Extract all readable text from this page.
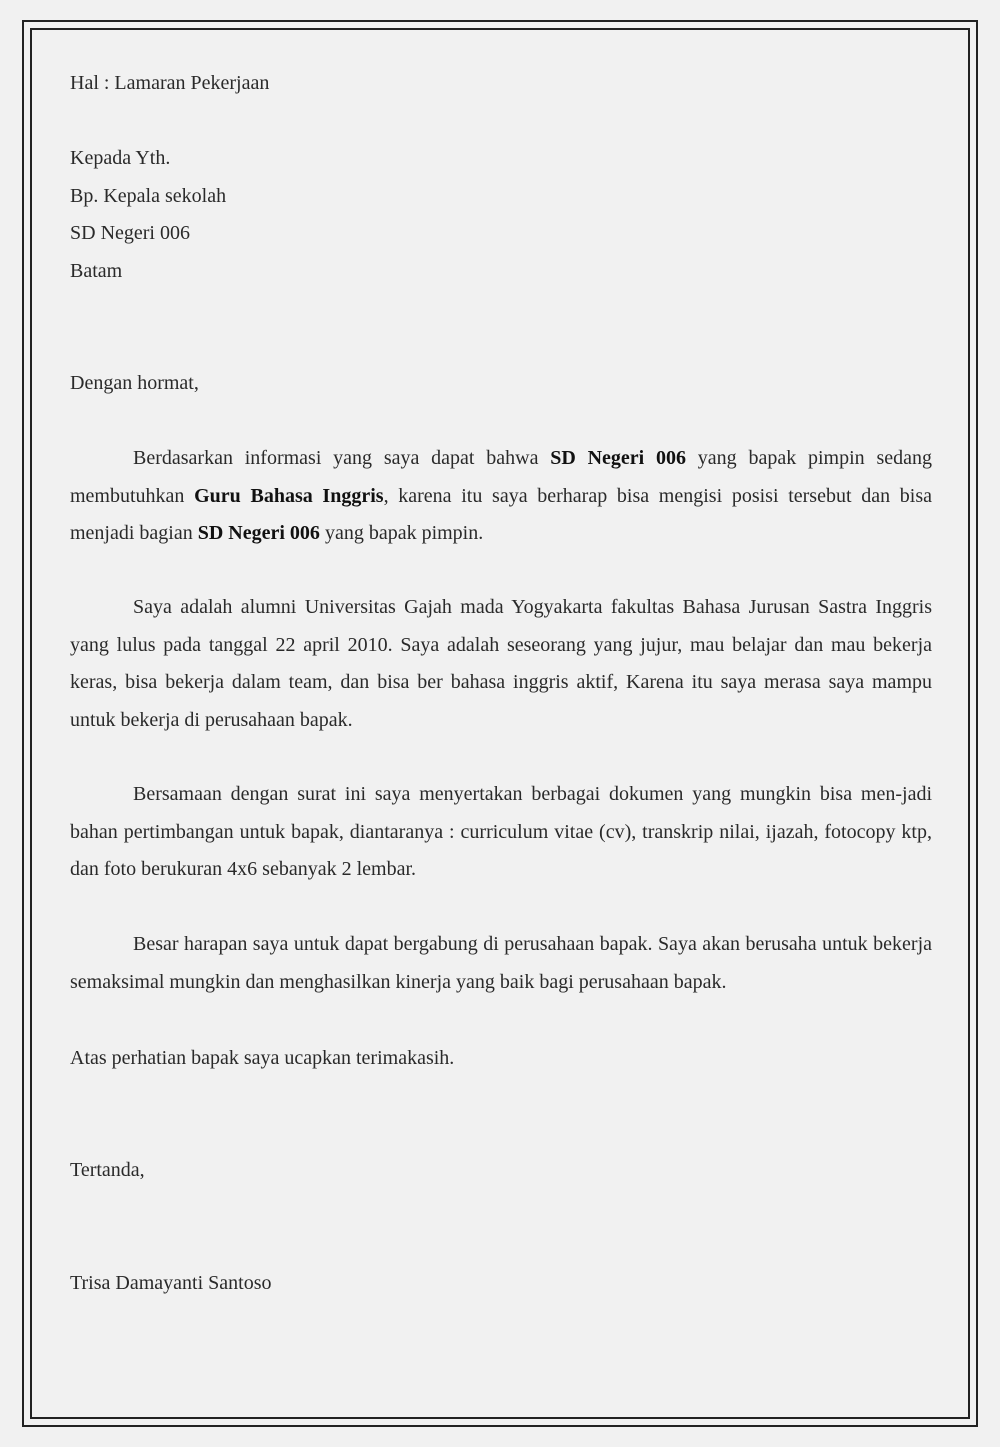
Hal : Lamaran Pekerjaan
Kepada Yth.
Bp. Kepala sekolah
SD Negeri 006
Batam
Dengan hormat,

Berdasarkan informasi yang saya dapat bahwa SD Negeri 006 yang bapak pimpin sedang membutuhkan Guru Bahasa Inggris, karena itu saya berharap bisa mengisi posisi tersebut dan bisa menjadi bagian SD Negeri 006 yang bapak pimpin.

Saya adalah alumni Universitas Gajah mada Yogyakarta fakultas Bahasa Jurusan Sastra Inggris yang lulus pada tanggal 22 april 2010. Saya adalah seseorang yang jujur, mau belajar dan mau bekerja keras, bisa bekerja dalam team, dan bisa ber bahasa inggris aktif, Karena itu saya merasa saya mampu untuk bekerja di perusahaan bapak.

Bersamaan dengan surat ini saya menyertakan berbagai dokumen yang mungkin bisa men-jadi bahan pertimbangan untuk bapak, diantaranya : curriculum vitae (cv), transkrip nilai, ijazah, fotocopy ktp, dan foto berukuran 4x6 sebanyak 2 lembar.

Besar harapan saya untuk dapat bergabung di perusahaan bapak. Saya akan berusaha untuk bekerja semaksimal mungkin dan menghasilkan kinerja yang baik bagi perusahaan bapak.

Atas perhatian bapak saya ucapkan terimakasih.
Tertanda,
Trisa Damayanti Santoso
